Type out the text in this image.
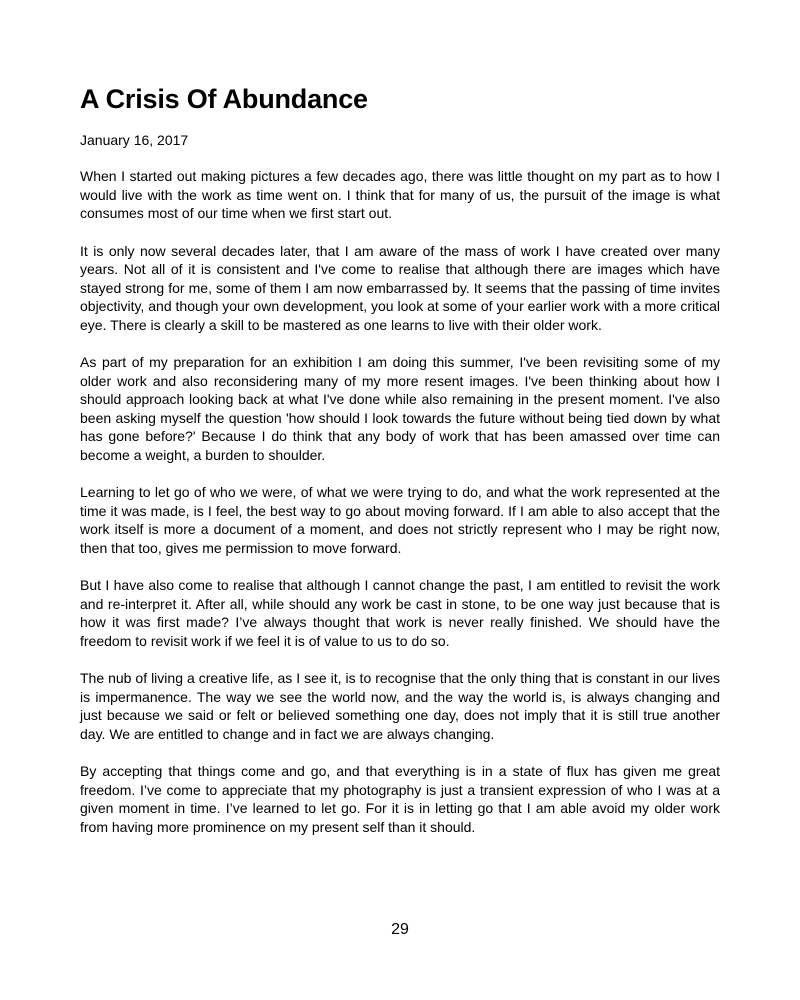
A Crisis Of Abundance
January 16, 2017

When I started out making pictures a few decades ago, there was little thought on my part as to how I would live with the work as time went on. I think that for many of us, the pursuit of the image is what consumes most of our time when we first start out.

It is only now several decades later, that I am aware of the mass of work I have created over many years. Not all of it is consistent and I've come to realise that although there are images which have stayed strong for me, some of them I am now embarrassed by. It seems that the passing of time invites objectivity, and though your own development, you look at some of your earlier work with a more critical eye. There is clearly a skill to be mastered as one learns to live with their older work.

As part of my preparation for an exhibition I am doing this summer, I've been revisiting some of my older work and also reconsidering many of my more resent images. I've been thinking about how I should approach looking back at what I've done while also remaining in the present moment. I've also been asking myself the question 'how should I look towards the future without being tied down by what has gone before?' Because I do think that any body of work that has been amassed over time can become a weight, a burden to shoulder.

Learning to let go of who we were, of what we were trying to do, and what the work represented at the time it was made, is I feel, the best way to go about moving forward. If I am able to also accept that the work itself is more a document of a moment, and does not strictly represent who I may be right now, then that too, gives me permission to move forward.

But I have also come to realise that although I cannot change the past, I am entitled to revisit the work and re-interpret it. After all, while should any work be cast in stone, to be one way just because that is how it was first made? I’ve always thought that work is never really finished. We should have the freedom to revisit work if we feel it is of value to us to do so.

The nub of living a creative life, as I see it, is to recognise that the only thing that is constant in our lives is impermanence. The way we see the world now, and the way the world is, is always changing and just because we said or felt or believed something one day, does not imply that it is still true another day. We are entitled to change and in fact we are always changing.

By accepting that things come and go, and that everything is in a state of flux has given me great freedom. I’ve come to appreciate that my photography is just a transient expression of who I was at a given moment in time. I’ve learned to let go. For it is in letting go that I am able avoid my older work from having more prominence on my present self than it should.

29
